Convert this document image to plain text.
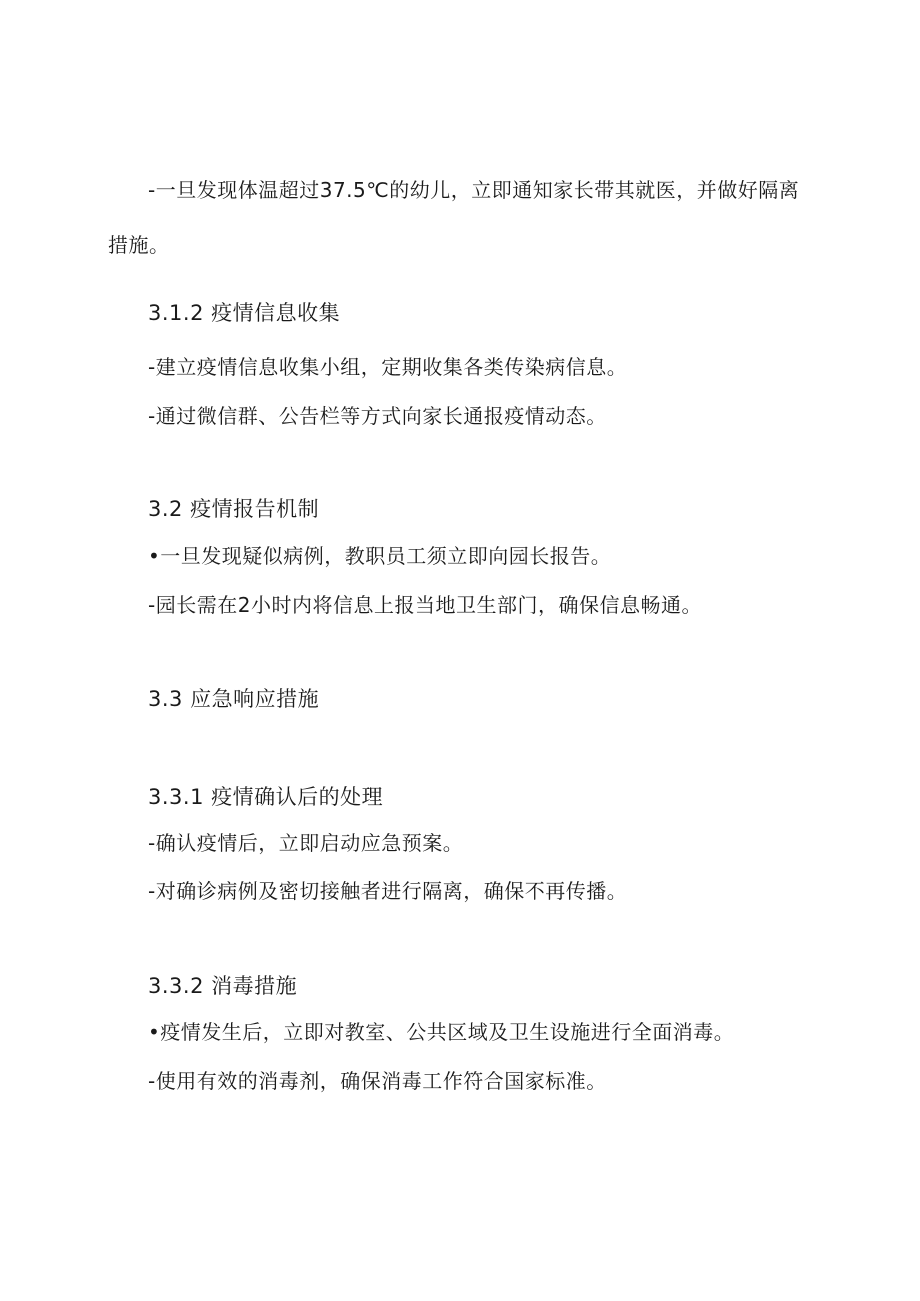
-一旦发现体温超过37.5℃的幼儿，立即通知家长带其就医，并做好隔离措施。
3.1.2 疫情信息收集
-建立疫情信息收集小组，定期收集各类传染病信息。
-通过微信群、公告栏等方式向家长通报疫情动态。
3.2 疫情报告机制
•一旦发现疑似病例，教职员工须立即向园长报告。
-园长需在2小时内将信息上报当地卫生部门，确保信息畅通。
3.3 应急响应措施
3.3.1 疫情确认后的处理
-确认疫情后，立即启动应急预案。
-对确诊病例及密切接触者进行隔离，确保不再传播。
3.3.2 消毒措施
•疫情发生后，立即对教室、公共区域及卫生设施进行全面消毒。
-使用有效的消毒剂，确保消毒工作符合国家标准。
